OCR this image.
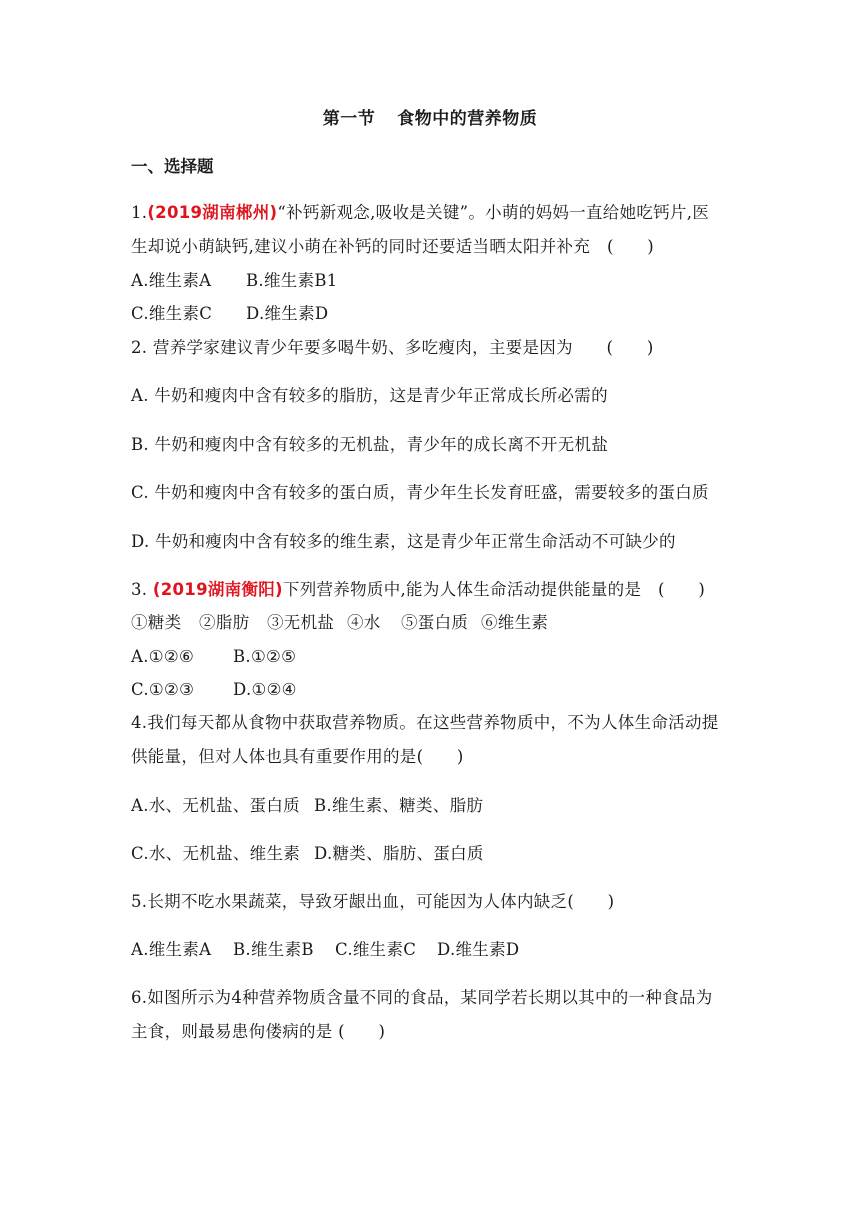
第一节 食物中的营养物质
一、选择题
1.(2019湖南郴州)“补钙新观念,吸收是关键”。小萌的妈妈一直给她吃钙片,医
生却说小萌缺钙,建议小萌在补钙的同时还要适当晒太阳并补充　(　　)
A.维生素A B.维生素B1
C.维生素C D.维生素D
2. 营养学家建议青少年要多喝牛奶、多吃瘦肉，主要是因为　　(　　)
A. 牛奶和瘦肉中含有较多的脂肪，这是青少年正常成长所必需的
B. 牛奶和瘦肉中含有较多的无机盐，青少年的成长离不开无机盐
C. 牛奶和瘦肉中含有较多的蛋白质，青少年生长发育旺盛，需要较多的蛋白质
D. 牛奶和瘦肉中含有较多的维生素，这是青少年正常生命活动不可缺少的
3. (2019湖南衡阳)下列营养物质中,能为人体生命活动提供能量的是　(　　)
①糖类 ②脂肪 ③无机盐 ④水 ⑤蛋白质 ⑥维生素
A.①②⑥ B.①②⑤
C.①②③ D.①②④
4.我们每天都从食物中获取营养物质。在这些营养物质中，不为人体生命活动提
供能量，但对人体也具有重要作用的是(　　)
A.水、无机盐、蛋白质 B.维生素、糖类、脂肪
C.水、无机盐、维生素 D.糖类、脂肪、蛋白质
5.长期不吃水果蔬菜，导致牙龈出血，可能因为人体内缺乏(　　)
A.维生素A B.维生素B C.维生素C D.维生素D
6.如图所示为4种营养物质含量不同的食品，某同学若长期以其中的一种食品为
主食，则最易患佝偻病的是 (　　)
